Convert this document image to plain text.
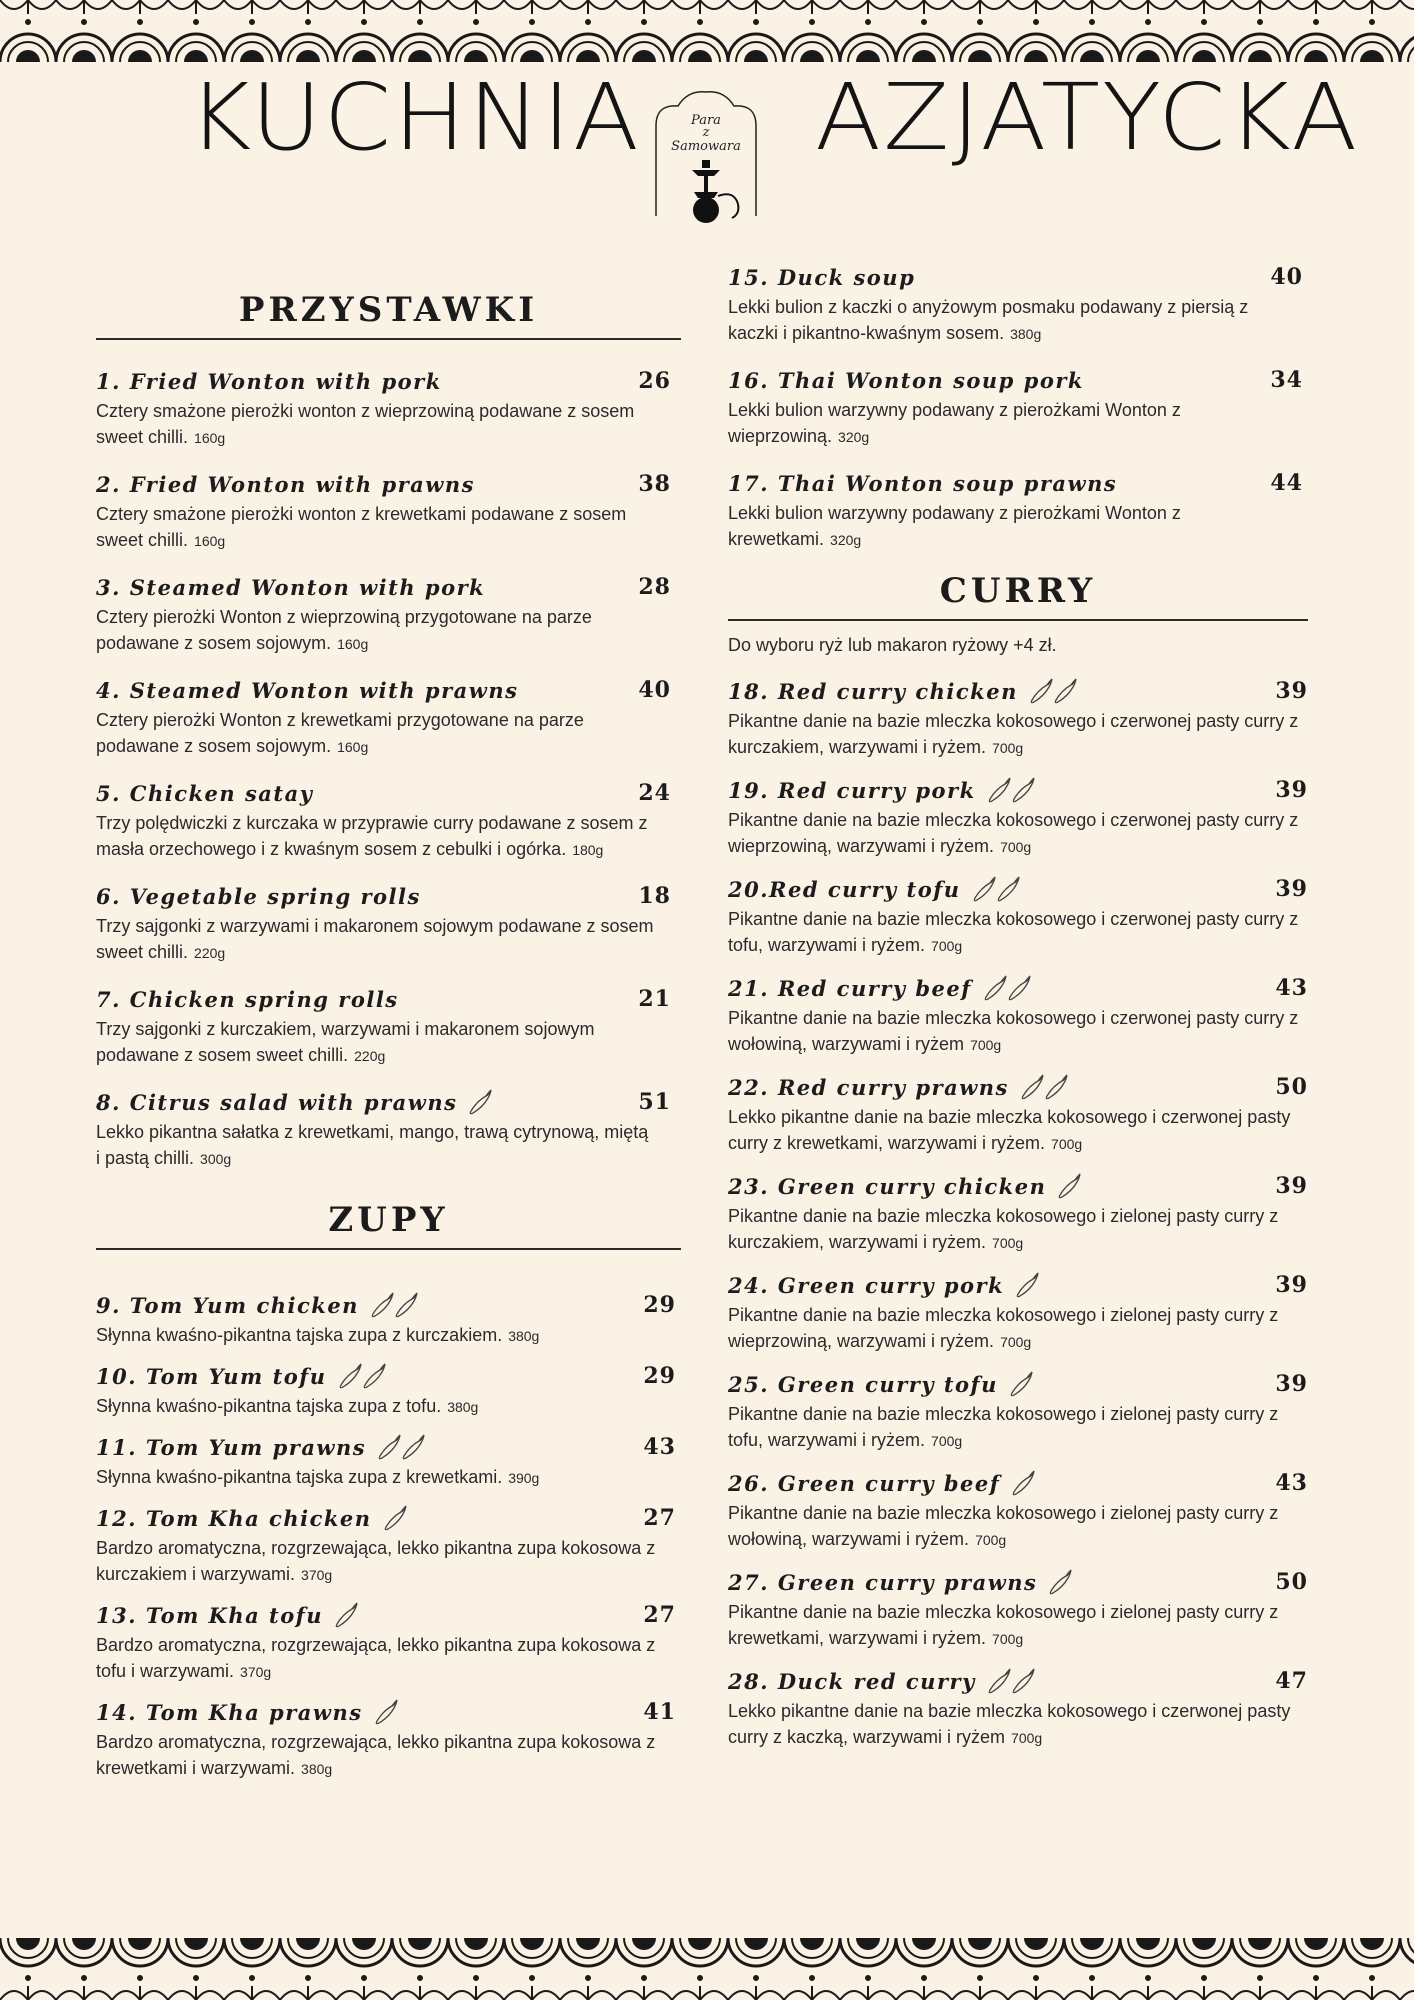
KUCHNIA AZJATYCKA
Para
z
Samowara
PRZYSTAWKI
1. Fried Wonton with pork	26
Cztery smażone pierożki wonton z wieprzowiną podawane z sosem sweet chilli. 160g
2. Fried Wonton with prawns	38
Cztery smażone pierożki wonton z krewetkami podawane z sosem sweet chilli. 160g
3. Steamed Wonton with pork	28
Cztery pierożki Wonton z wieprzowiną przygotowane na parze podawane z sosem sojowym. 160g
4. Steamed Wonton with prawns	40
Cztery pierożki Wonton z krewetkami przygotowane na parze podawane z sosem sojowym. 160g
5. Chicken satay	24
Trzy polędwiczki z kurczaka w przyprawie curry podawane z sosem z masła orzechowego i z kwaśnym sosem z cebulki i ogórka. 180g
6. Vegetable spring rolls	18
Trzy sajgonki z warzywami i makaronem sojowym podawane z sosem sweet chilli. 220g
7. Chicken spring rolls	21
Trzy sajgonki z kurczakiem, warzywami i makaronem sojowym podawane z sosem sweet chilli. 220g
8. Citrus salad with prawns	51
Lekko pikantna sałatka z krewetkami, mango, trawą cytrynową, miętą i pastą chilli. 300g
ZUPY
9. Tom Yum chicken	29
Słynna kwaśno-pikantna tajska zupa z kurczakiem. 380g
10. Tom Yum tofu	29
Słynna kwaśno-pikantna tajska zupa z tofu. 380g
11. Tom Yum prawns	43
Słynna kwaśno-pikantna tajska zupa z krewetkami. 390g
12. Tom Kha chicken	27
Bardzo aromatyczna, rozgrzewająca, lekko pikantna zupa kokosowa z kurczakiem i warzywami. 370g
13. Tom Kha tofu	27
Bardzo aromatyczna, rozgrzewająca, lekko pikantna zupa kokosowa z tofu i warzywami. 370g
14. Tom Kha prawns	41
Bardzo aromatyczna, rozgrzewająca, lekko pikantna zupa kokosowa z krewetkami i warzywami. 380g
15. Duck soup	40
Lekki bulion z kaczki o anyżowym posmaku podawany z piersią z kaczki i pikantno-kwaśnym sosem. 380g
16. Thai Wonton soup pork	34
Lekki bulion warzywny podawany z pierożkami Wonton z wieprzowiną. 320g
17. Thai Wonton soup prawns	44
Lekki bulion warzywny podawany z pierożkami Wonton z krewetkami. 320g
CURRY
Do wyboru ryż lub makaron ryżowy +4 zł.
18. Red curry chicken	39
Pikantne danie na bazie mleczka kokosowego i czerwonej pasty curry z kurczakiem, warzywami i ryżem. 700g
19. Red curry pork	39
Pikantne danie na bazie mleczka kokosowego i czerwonej pasty curry z wieprzowiną, warzywami i ryżem. 700g
20.Red curry tofu	39
Pikantne danie na bazie mleczka kokosowego i czerwonej pasty curry z tofu, warzywami i ryżem. 700g
21. Red curry beef	43
Pikantne danie na bazie mleczka kokosowego i czerwonej pasty curry z wołowiną, warzywami i ryżem 700g
22. Red curry prawns	50
Lekko pikantne danie na bazie mleczka kokosowego i czerwonej pasty curry z krewetkami, warzywami i ryżem. 700g
23. Green curry chicken	39
Pikantne danie na bazie mleczka kokosowego i zielonej pasty curry z kurczakiem, warzywami i ryżem. 700g
24. Green curry pork	39
Pikantne danie na bazie mleczka kokosowego i zielonej pasty curry z wieprzowiną, warzywami i ryżem. 700g
25. Green curry tofu	39
Pikantne danie na bazie mleczka kokosowego i zielonej pasty curry z tofu, warzywami i ryżem. 700g
26. Green curry beef	43
Pikantne danie na bazie mleczka kokosowego i zielonej pasty curry z wołowiną, warzywami i ryżem. 700g
27. Green curry prawns	50
Pikantne danie na bazie mleczka kokosowego i zielonej pasty curry z krewetkami, warzywami i ryżem. 700g
28. Duck red curry	47
Lekko pikantne danie na bazie mleczka kokosowego i czerwonej pasty curry z kaczką, warzywami i ryżem 700g
